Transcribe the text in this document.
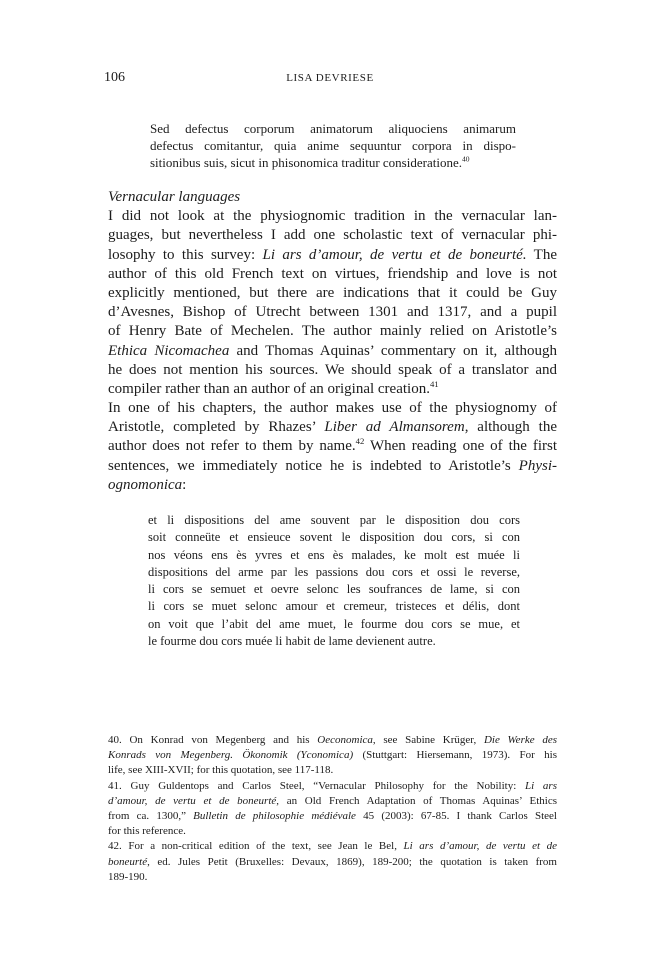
106	LISA DEVRIESE
Sed defectus corporum animatorum aliquociens animarum
defectus comitantur, quia anime sequuntur corpora in dispo-
sitionibus suis, sicut in phisonomica traditur consideratione.$^{40}$
Vernacular languages
I did not look at the physiognomic tradition in the vernacular lan-
guages, but nevertheless I add one scholastic text of vernacular phi-
losophy to this survey: Li ars d’amour, de vertu et de boneurté. The
author of this old French text on virtues, friendship and love is not
explicitly mentioned, but there are indications that it could be Guy
d’Avesnes, Bishop of Utrecht between 1301 and 1317, and a pupil
of Henry Bate of Mechelen. The author mainly relied on Aristotle’s
Ethica Nicomachea and Thomas Aquinas’ commentary on it, although
he does not mention his sources. We should speak of a translator and
compiler rather than an author of an original creation.$^{41}$
In one of his chapters, the author makes use of the physiognomy of
Aristotle, completed by Rhazes’ Liber ad Almansorem, although the
author does not refer to them by name.$^{42}$ When reading one of the first
sentences, we immediately notice he is indebted to Aristotle’s Physi-
ognomonica:
et li dispositions del ame souvent par le disposition dou cors
soit conneüte et ensieuce sovent le disposition dou cors, si con
nos véons ens ès yvres et ens ès malades, ke molt est muée li
dispositions del arme par les passions dou cors et ossi le reverse,
li cors se semuet et oevre selonc les soufrances de lame, si con
li cors se muet selonc amour et cremeur, tristeces et délis, dont
on voit que l’abit del ame muet, le fourme dou cors se mue, et
le fourme dou cors muée li habit de lame devienent autre.
40. On Konrad von Megenberg and his Oeconomica, see Sabine Krüger, Die Werke des
Konrads von Megenberg. Ökonomik (Yconomica) (Stuttgart: Hiersemann, 1973). For his
life, see XIII-XVII; for this quotation, see 117-118.
41. Guy Guldentops and Carlos Steel, “Vernacular Philosophy for the Nobility: Li ars
d’amour, de vertu et de boneurté, an Old French Adaptation of Thomas Aquinas’ Ethics
from ca. 1300,” Bulletin de philosophie médiévale 45 (2003): 67-85. I thank Carlos Steel
for this reference.
42. For a non-critical edition of the text, see Jean le Bel, Li ars d’amour, de vertu et de
boneurté, ed. Jules Petit (Bruxelles: Devaux, 1869), 189-200; the quotation is taken from
189-190.
